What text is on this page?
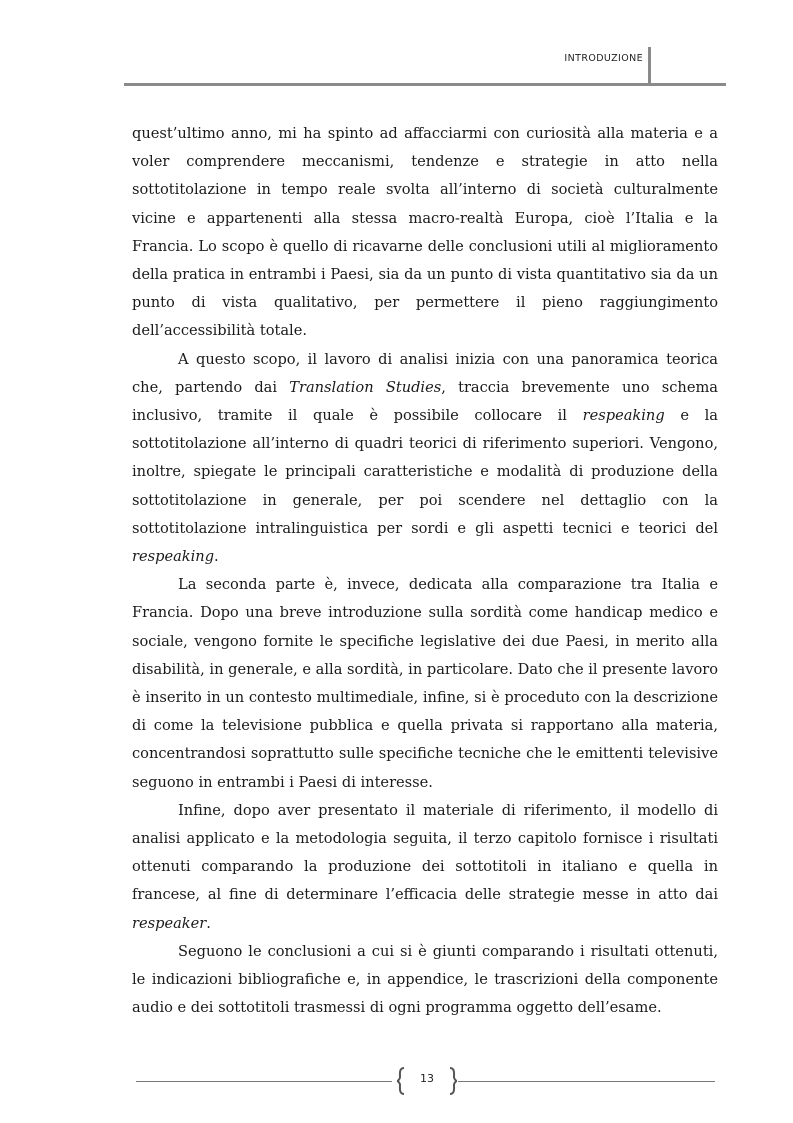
INTRODUZIONE

quest’ultimo anno, mi ha spinto ad affacciarmi con curiosità alla materia e a voler comprendere meccanismi, tendenze e strategie in atto nella sottotitolazione in tempo reale svolta all’interno di società culturalmente vicine e appartenenti alla stessa macro-realtà Europa, cioè l’Italia e la Francia. Lo scopo è quello di ricavarne delle conclusioni utili al miglioramento della pratica in entrambi i Paesi, sia da un punto di vista quantitativo sia da un punto di vista qualitativo, per permettere il pieno raggiungimento dell’accessibilità totale.

A questo scopo, il lavoro di analisi inizia con una panoramica teorica che, partendo dai Translation Studies, traccia brevemente uno schema inclusivo, tramite il quale è possibile collocare il respeaking e la sottotitolazione all’interno di quadri teorici di riferimento superiori. Vengono, inoltre, spiegate le principali caratteristiche e modalità di produzione della sottotitolazione in generale, per poi scendere nel dettaglio con la sottotitolazione intralinguistica per sordi e gli aspetti tecnici e teorici del respeaking.

La seconda parte è, invece, dedicata alla comparazione tra Italia e Francia. Dopo una breve introduzione sulla sordità come handicap medico e sociale, vengono fornite le specifiche legislative dei due Paesi, in merito alla disabilità, in generale, e alla sordità, in particolare. Dato che il presente lavoro è inserito in un contesto multimediale, infine, si è proceduto con la descrizione di come la televisione pubblica e quella privata si rapportano alla materia, concentrandosi soprattutto sulle specifiche tecniche che le emittenti televisive seguono in entrambi i Paesi di interesse.

Infine, dopo aver presentato il materiale di riferimento, il modello di analisi applicato e la metodologia seguita, il terzo capitolo fornisce i risultati ottenuti comparando la produzione dei sottotitoli in italiano e quella in francese, al fine di determinare l’efficacia delle strategie messe in atto dai respeaker.

Seguono le conclusioni a cui si è giunti comparando i risultati ottenuti, le indicazioni bibliografiche e, in appendice, le trascrizioni della componente audio e dei sottotitoli trasmessi di ogni programma oggetto dell’esame.

13
